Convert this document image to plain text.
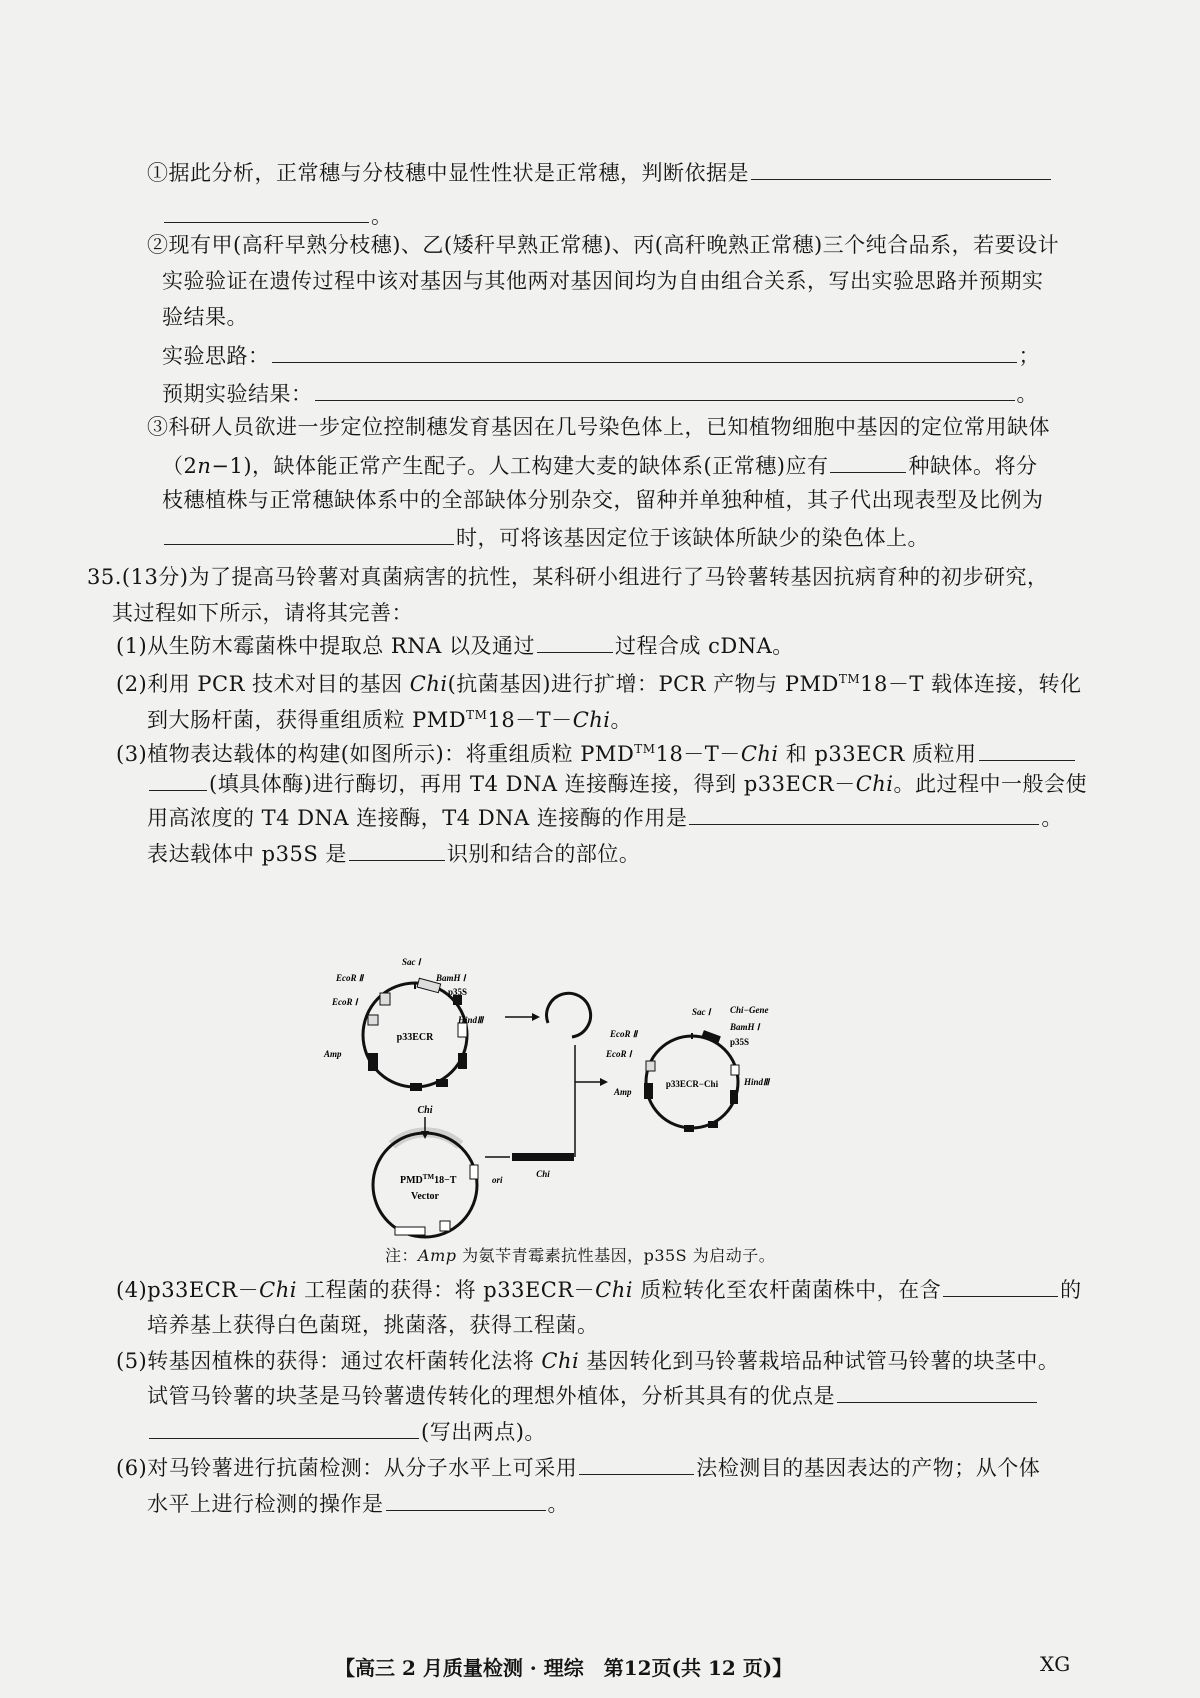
①据此分析，正常穗与分枝穗中显性性状是正常穗，判断依据是
。
②现有甲(高秆早熟分枝穗)、乙(矮秆早熟正常穗)、丙(高秆晚熟正常穗)三个纯合品系，若要设计
实验验证在遗传过程中该对基因与其他两对基因间均为自由组合关系，写出实验思路并预期实
验结果。
实验思路：	；
预期实验结果：	。
③科研人员欲进一步定位控制穗发育基因在几号染色体上，已知植物细胞中基因的定位常用缺体
（2n−1)，缺体能正常产生配子。人工构建大麦的缺体系(正常穗)应有	种缺体。将分
枝穗植株与正常穗缺体系中的全部缺体分别杂交，留种并单独种植，其子代出现表型及比例为
时，可将该基因定位于该缺体所缺少的染色体上。
35.(13分)为了提高马铃薯对真菌病害的抗性，某科研小组进行了马铃薯转基因抗病育种的初步研究，
其过程如下所示，请将其完善：
(1)从生防木霉菌株中提取总 RNA 以及通过	过程合成 cDNA。
(2)利用 PCR 技术对目的基因 Chi(抗菌基因)进行扩增：PCR 产物与 PMD™18－T 载体连接，转化
到大肠杆菌，获得重组质粒 PMD™18－T－Chi。
(3)植物表达载体的构建(如图所示)：将重组质粒 PMD™18－T－Chi 和 p33ECR 质粒用
(填具体酶)进行酶切，再用 T4 DNA 连接酶连接，得到 p33ECR－Chi。此过程中一般会使
用高浓度的 T4 DNA 连接酶，T4 DNA 连接酶的作用是	。
表达载体中 p35S 是	识别和结合的部位。
p33ECR
Sac Ⅰ
BamH Ⅰ
p35S
HindⅢ
EcoR Ⅱ
EcoR Ⅰ
Amp
p33ECR−Chi
Sac Ⅰ Chi−Gene
BamH Ⅰ
p35S
HindⅢ
EcoR Ⅱ
EcoR Ⅰ
Amp
Chi
PMD™18−T
Vector
ori
Chi
注：Amp 为氨苄青霉素抗性基因，p35S 为启动子。
(4)p33ECR－Chi 工程菌的获得：将 p33ECR－Chi 质粒转化至农杆菌菌株中，在含	的
培养基上获得白色菌斑，挑菌落，获得工程菌。
(5)转基因植株的获得：通过农杆菌转化法将 Chi 基因转化到马铃薯栽培品种试管马铃薯的块茎中。
试管马铃薯的块茎是马铃薯遗传转化的理想外植体，分析其具有的优点是
(写出两点)。
(6)对马铃薯进行抗菌检测：从分子水平上可采用	法检测目的基因表达的产物；从个体
水平上进行检测的操作是	。
【高三 2 月质量检测 · 理综　第12页(共 12 页)】	XG
